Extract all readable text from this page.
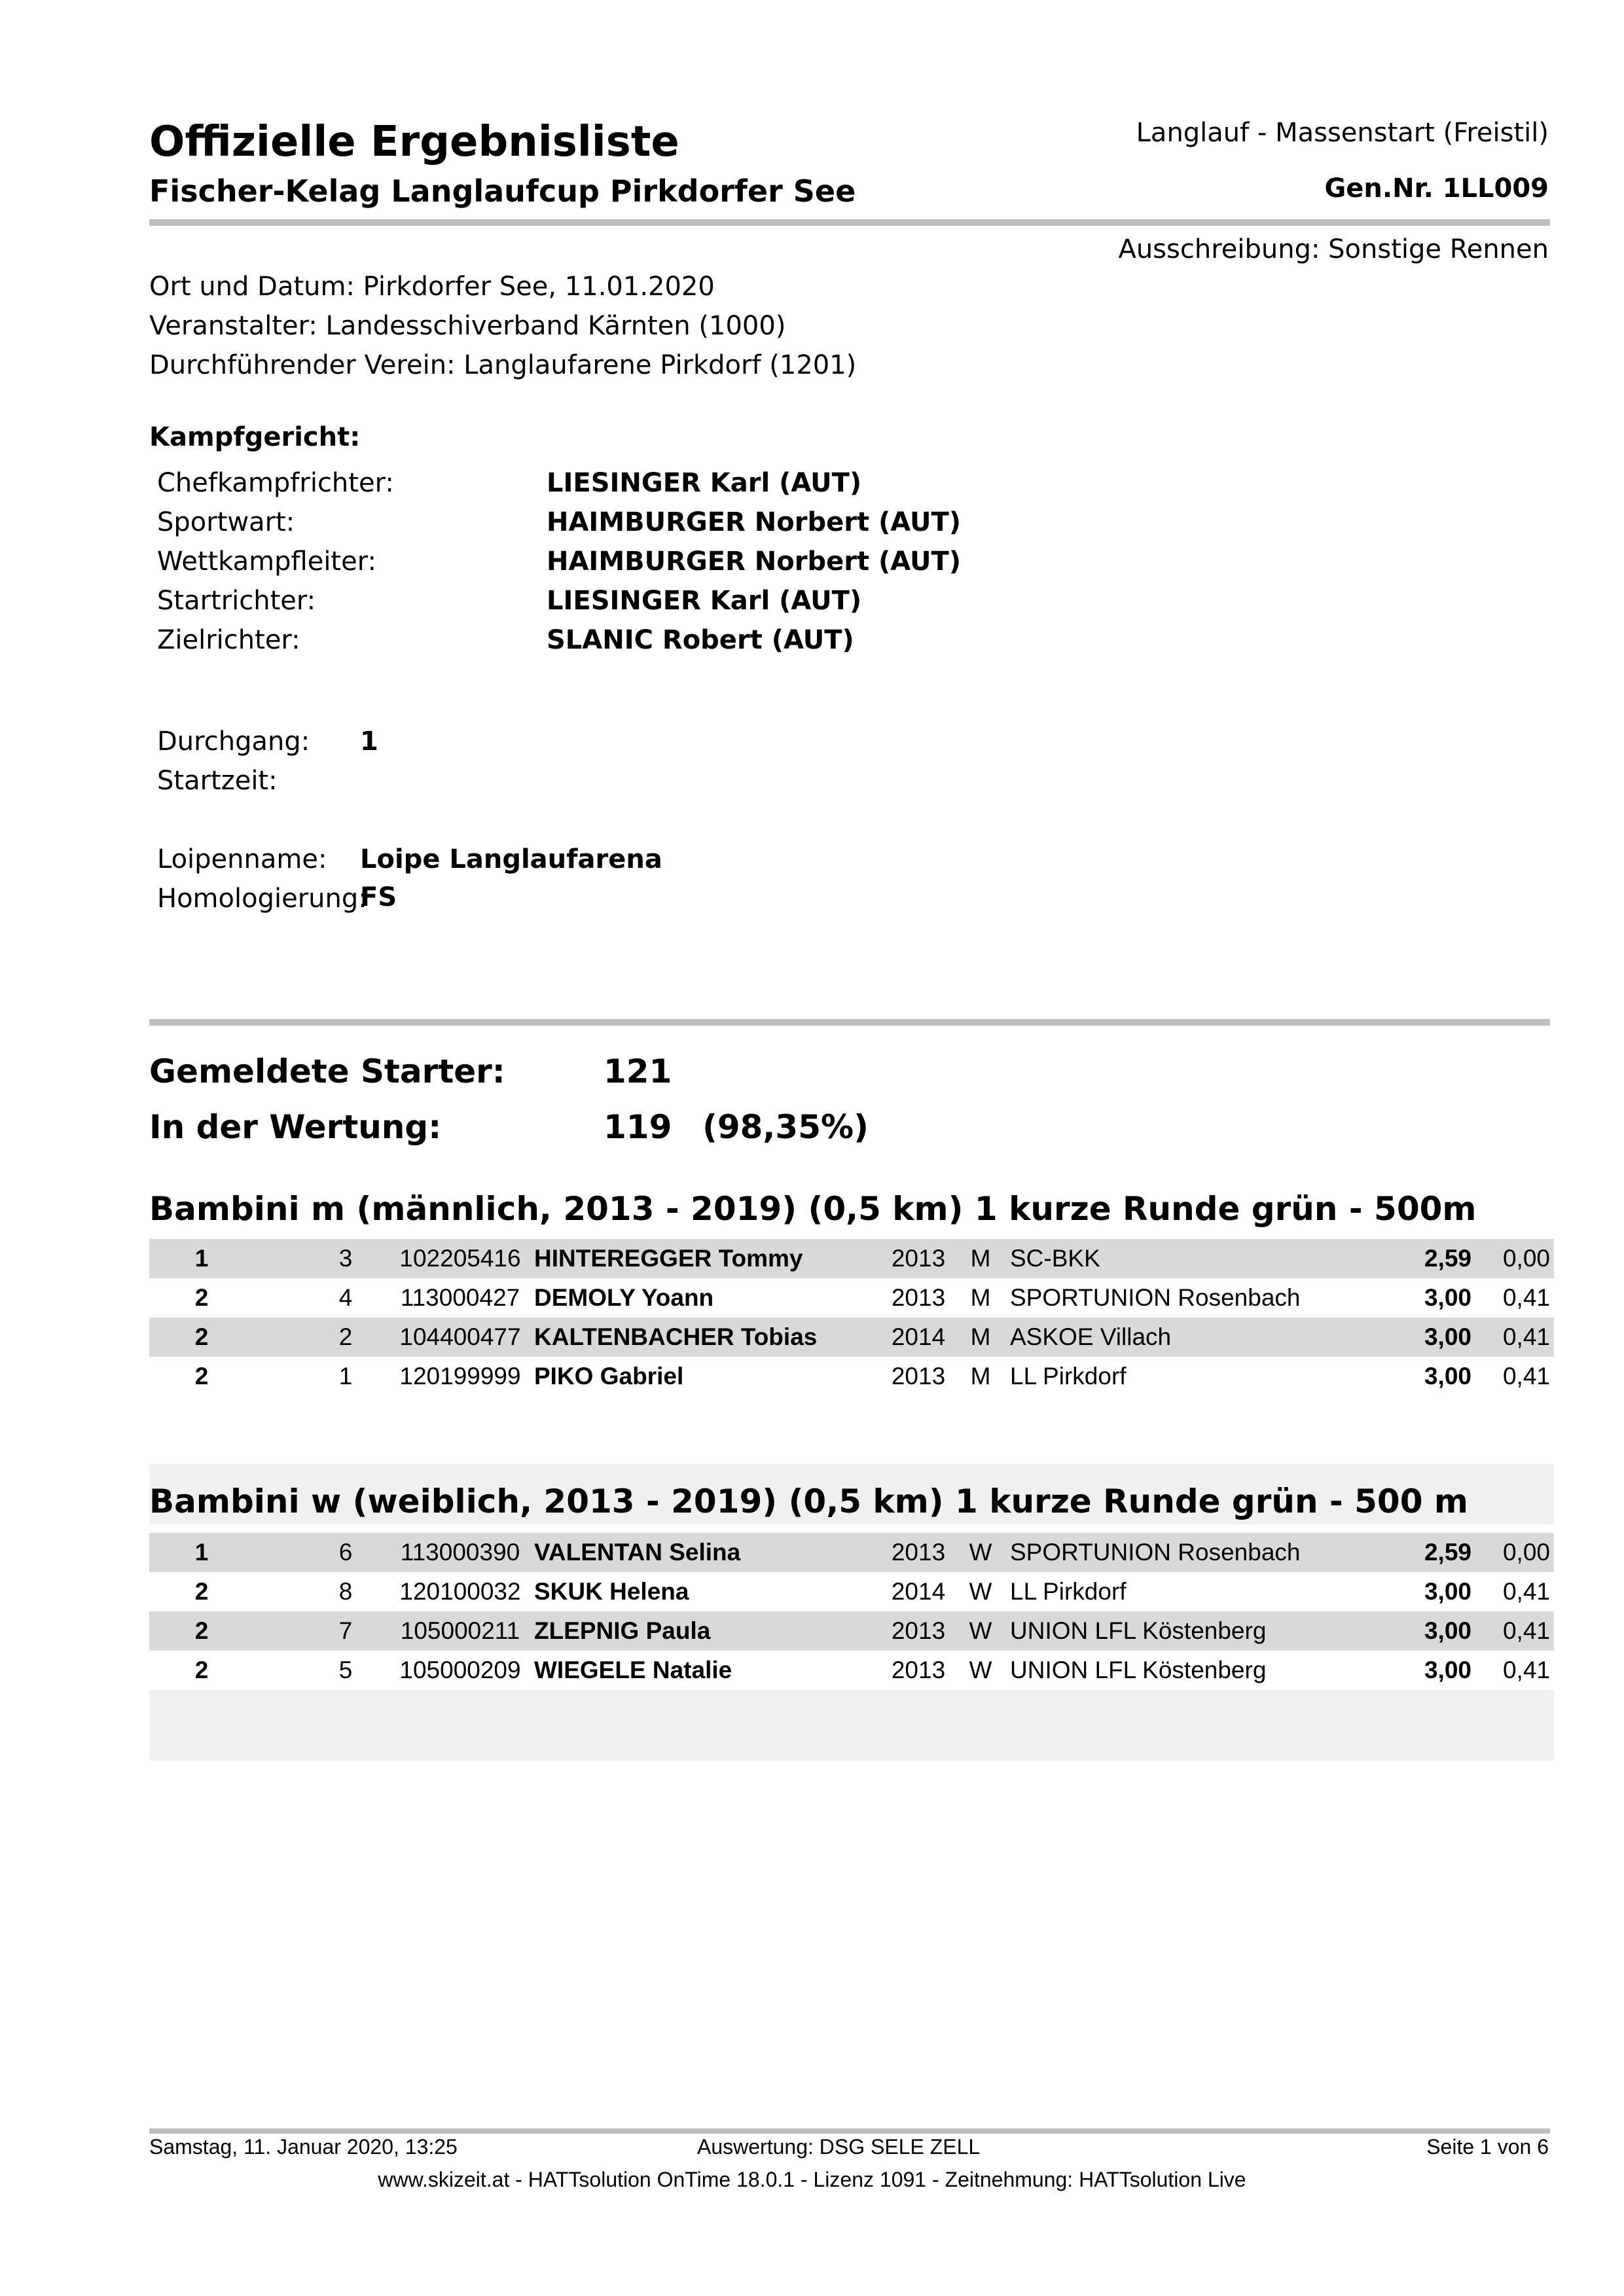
Offizielle Ergebnisliste
Fischer-Kelag Langlaufcup Pirkdorfer See
Langlauf - Massenstart (Freistil)
Gen.Nr. 1LL009
Ausschreibung: Sonstige Rennen
Ort und Datum: Pirkdorfer See, 11.01.2020
Veranstalter: Landesschiverband Kärnten (1000)
Durchführender Verein: Langlaufarene Pirkdorf (1201)
Kampfgericht:
Chefkampfrichter:	LIESINGER Karl (AUT)
Sportwart:	HAIMBURGER Norbert (AUT)
Wettkampfleiter:	HAIMBURGER Norbert (AUT)
Startrichter:	LIESINGER Karl (AUT)
Zielrichter:	SLANIC Robert (AUT)
Durchgang: 1
Startzeit:
Loipenname: Loipe Langlaufarena
Homologierung:
FS
Gemeldete Starter:	121
In der Wertung:	119 (98,35%)
Bambini m (männlich, 2013 - 2019) (0,5 km) 1 kurze Runde grün - 500m
1	3	102205416 HINTEREGGER Tommy	2013	M SC-BKK	2,59	0,00
2	4	113000427 DEMOLY Yoann	2013	M SPORTUNION Rosenbach	3,00	0,41
2	2	104400477 KALTENBACHER Tobias	2014	M ASKOE Villach	3,00	0,41
2	1	120199999 PIKO Gabriel	2013	M LL Pirkdorf	3,00	0,41
Bambini w (weiblich, 2013 - 2019) (0,5 km) 1 kurze Runde grün - 500 m
1	6	113000390 VALENTAN Selina	2013 W SPORTUNION Rosenbach	2,59	0,00
2	8	120100032 SKUK Helena	2014 W LL Pirkdorf	3,00	0,41
2	7	105000211 ZLEPNIG Paula	2013 W UNION LFL Köstenberg	3,00	0,41
2	5	105000209 WIEGELE Natalie	2013 W UNION LFL Köstenberg	3,00	0,41
Samstag, 11. Januar 2020, 13:25	Auswertung: DSG SELE ZELL	Seite 1 von 6
www.skizeit.at - HATTsolution OnTime 18.0.1 - Lizenz 1091 - Zeitnehmung: HATTsolution Live
